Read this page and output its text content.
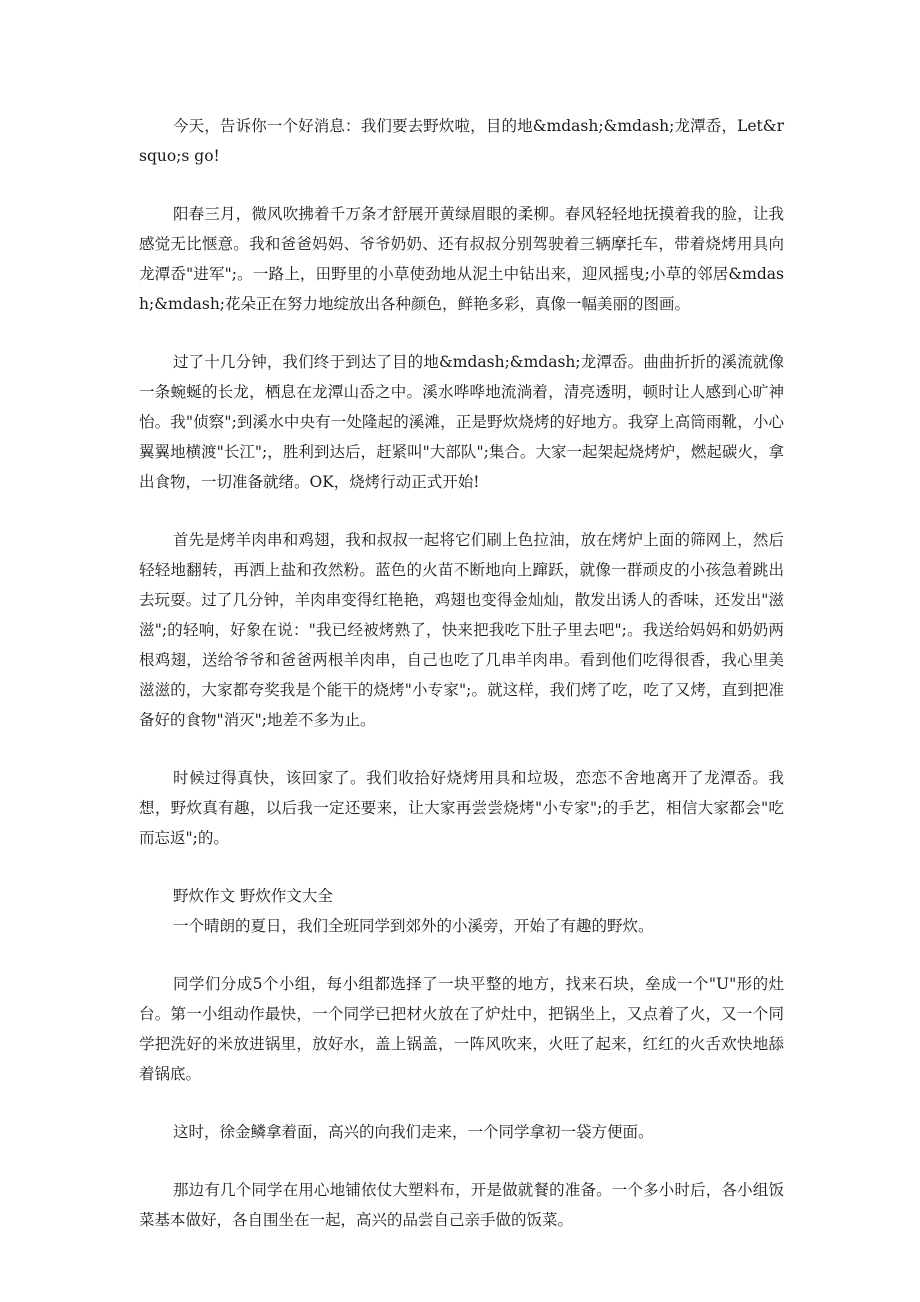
今天，告诉你一个好消息：我们要去野炊啦，目的地&mdash;&mdash;龙潭岙，Let&rsquo;s go!

阳春三月，微风吹拂着千万条才舒展开黄绿眉眼的柔柳。春风轻轻地抚摸着我的脸，让我感觉无比惬意。我和爸爸妈妈、爷爷奶奶、还有叔叔分别驾驶着三辆摩托车，带着烧烤用具向龙潭岙"进军";。一路上，田野里的小草使劲地从泥土中钻出来，迎风摇曳;小草的邻居&mdash;&mdash;花朵正在努力地绽放出各种颜色，鲜艳多彩，真像一幅美丽的图画。

过了十几分钟，我们终于到达了目的地&mdash;&mdash;龙潭岙。曲曲折折的溪流就像一条蜿蜒的长龙，栖息在龙潭山岙之中。溪水哗哗地流淌着，清亮透明，顿时让人感到心旷神怡。我"侦察";到溪水中央有一处隆起的溪滩，正是野炊烧烤的好地方。我穿上高筒雨靴，小心翼翼地横渡"长江";，胜利到达后，赶紧叫"大部队";集合。大家一起架起烧烤炉，燃起碳火，拿出食物，一切准备就绪。OK，烧烤行动正式开始!

首先是烤羊肉串和鸡翅，我和叔叔一起将它们刷上色拉油，放在烤炉上面的筛网上，然后轻轻地翻转，再洒上盐和孜然粉。蓝色的火苗不断地向上蹿跃，就像一群顽皮的小孩急着跳出去玩耍。过了几分钟，羊肉串变得红艳艳，鸡翅也变得金灿灿，散发出诱人的香味，还发出"滋滋";的轻响，好象在说："我已经被烤熟了，快来把我吃下肚子里去吧";。我送给妈妈和奶奶两根鸡翅，送给爷爷和爸爸两根羊肉串，自己也吃了几串羊肉串。看到他们吃得很香，我心里美滋滋的，大家都夸奖我是个能干的烧烤"小专家";。就这样，我们烤了吃，吃了又烤，直到把准备好的食物"消灭";地差不多为止。

时候过得真快，该回家了。我们收拾好烧烤用具和垃圾，恋恋不舍地离开了龙潭岙。我想，野炊真有趣，以后我一定还要来，让大家再尝尝烧烤"小专家";的手艺，相信大家都会"吃而忘返";的。

野炊作文 野炊作文大全

一个晴朗的夏日，我们全班同学到郊外的小溪旁，开始了有趣的野炊。

同学们分成5个小组，每小组都选择了一块平整的地方，找来石块，垒成一个"U"形的灶台。第一小组动作最快，一个同学已把材火放在了炉灶中，把锅坐上，又点着了火，又一个同学把洗好的米放进锅里，放好水，盖上锅盖，一阵风吹来，火旺了起来，红红的火舌欢快地舔着锅底。

这时，徐金鳞拿着面，高兴的向我们走来，一个同学拿初一袋方便面。

那边有几个同学在用心地铺依仗大塑料布，开是做就餐的准备。一个多小时后，各小组饭菜基本做好，各自围坐在一起，高兴的品尝自己亲手做的饭菜。
